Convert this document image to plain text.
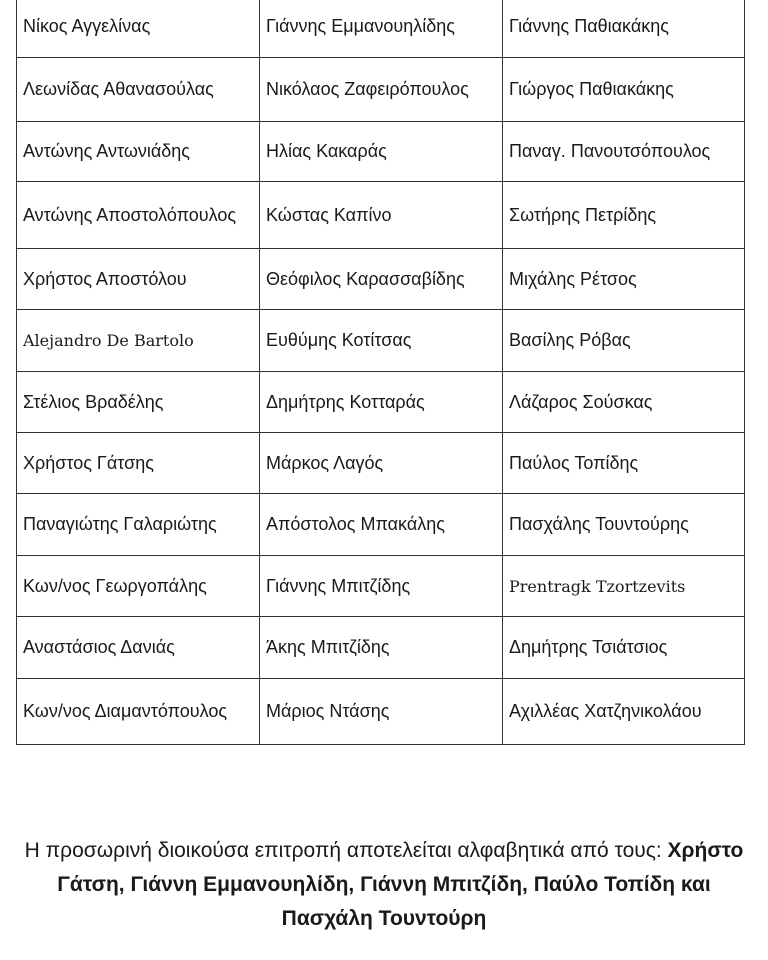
Νίκος Αγγελίνας	Γιάννης Εμμανουηλίδης	Γιάννης Παθιακάκης
Λεωνίδας Αθανασούλας	Νικόλαος Ζαφειρόπουλος	Γιώργος Παθιακάκης
Αντώνης Αντωνιάδης	Ηλίας Κακαράς	Παναγ. Πανουτσόπουλος
Αντώνης Αποστολόπουλος	Κώστας Καπίνο	Σωτήρης Πετρίδης
Χρήστος Αποστόλου	Θεόφιλος Καρασσαβίδης	Μιχάλης Ρέτσος
Alejandro De Bartolo	Ευθύμης Κοτίτσας	Βασίλης Ρόβας
Στέλιος Βραδέλης	Δημήτρης Κοτταράς	Λάζαρος Σούσκας
Χρήστος Γάτσης	Μάρκος Λαγός	Παύλος Τοπίδης
Παναγιώτης Γαλαριώτης	Απόστολος Μπακάλης	Πασχάλης Τουντούρης
Κων/νος Γεωργοπάλης	Γιάννης Μπιτζίδης	Prentragk Tzortzevits
Αναστάσιος Δανιάς	Άκης Μπιτζίδης	Δημήτρης Τσιάτσιος
Κων/νος Διαμαντόπουλος	Μάριος Ντάσης	Αχιλλέας Χατζηνικολάου
Η προσωρινή διοικούσα επιτροπή αποτελείται αλφαβητικά από τους: Χρήστο Γάτση, Γιάννη Εμμανουηλίδη, Γιάννη Μπιτζίδη, Παύλο Τοπίδη και Πασχάλη Τουντούρη
